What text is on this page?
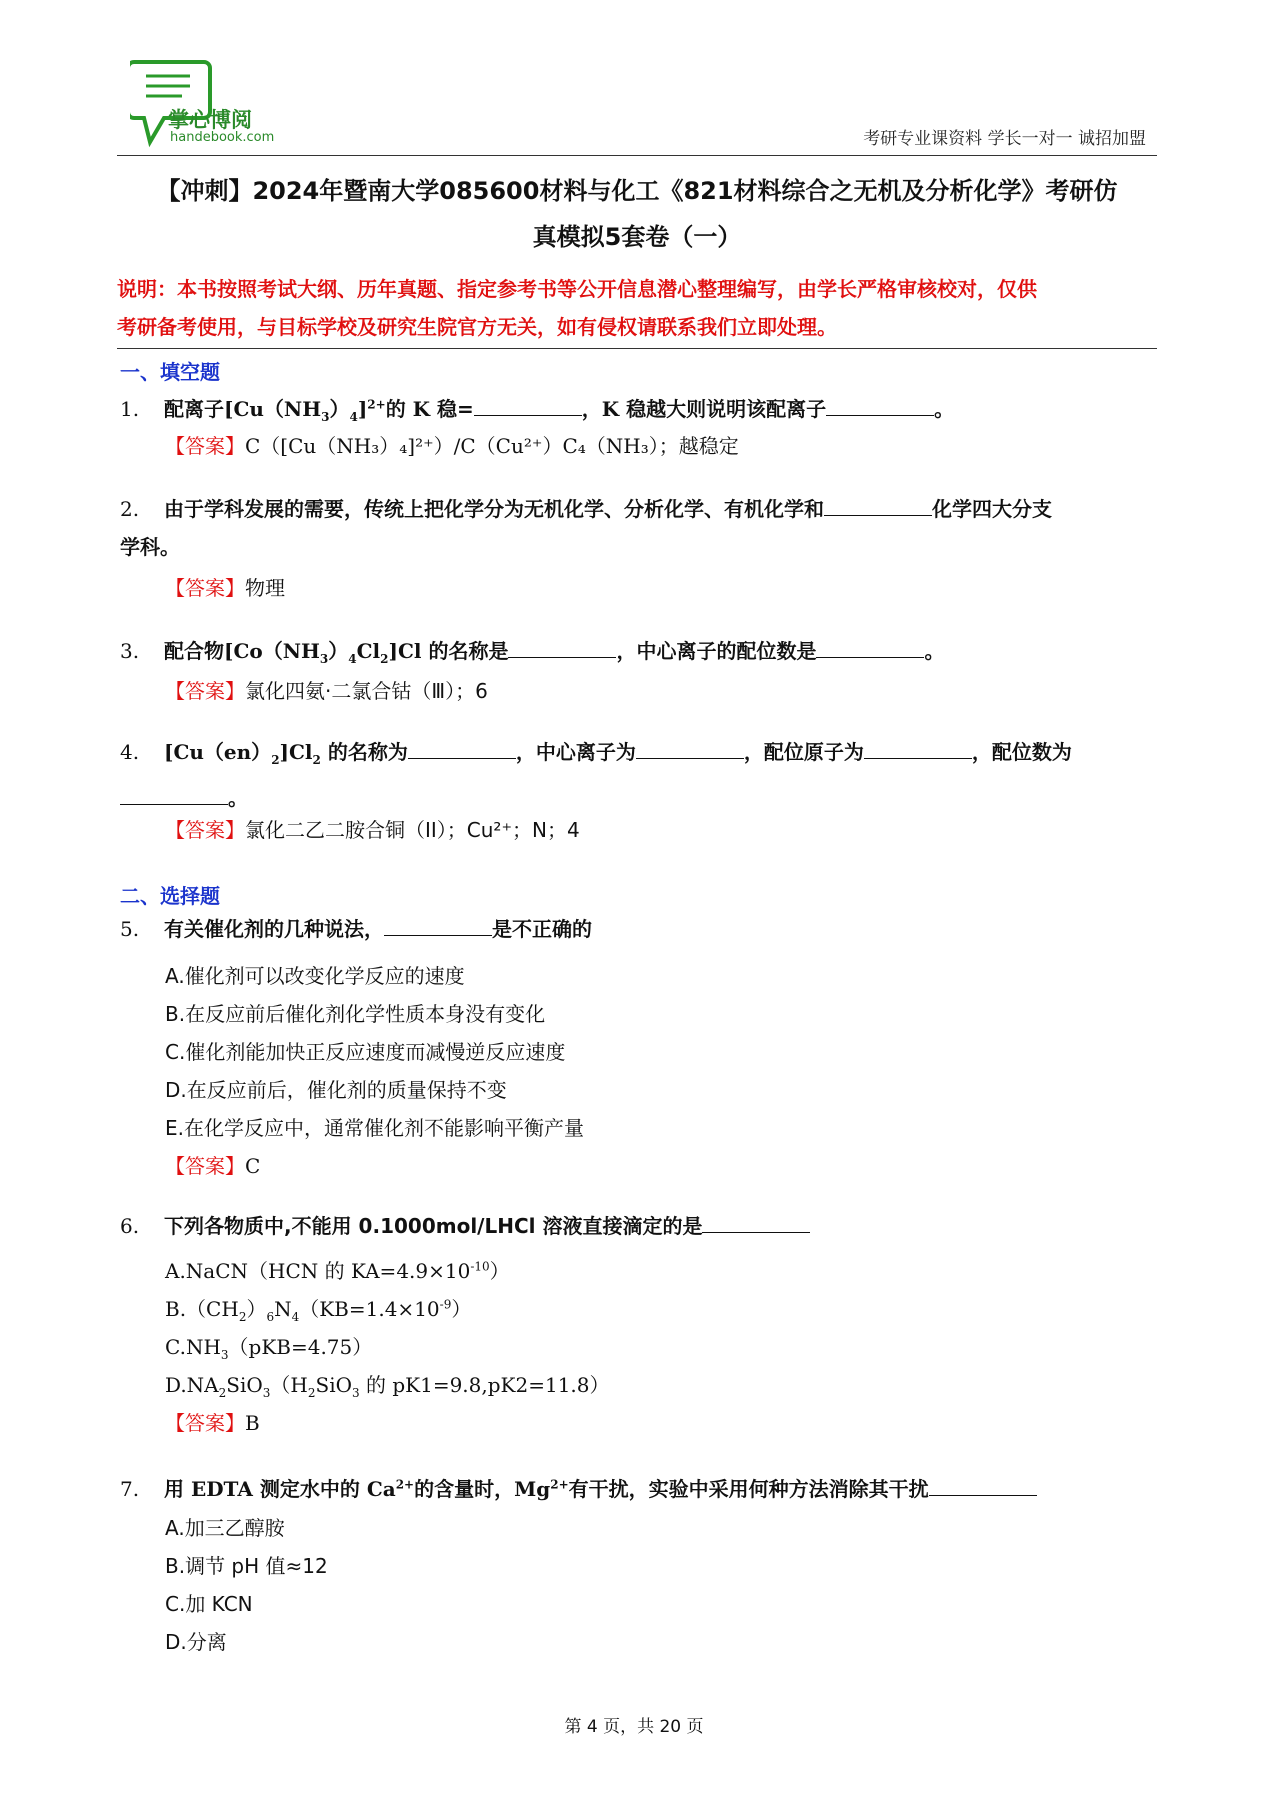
掌心博阅
handebook.com	考研专业课资料 学长一对一 诚招加盟
【冲刺】2024年暨南大学085600材料与化工《821材料综合之无机及分析化学》考研仿
真模拟5套卷（一）
说明：本书按照考试大纲、历年真题、指定参考书等公开信息潜心整理编写，由学长严格审核校对，仅供
考研备考使用，与目标学校及研究生院官方无关，如有侵权请联系我们立即处理。
一、填空题
1. 配离子$[Cu(NH_3)_4]^{2+}$的 K 稳=	，K 稳越大则说明该配离子	。
【答案】C（[Cu（NH₃）₄]²⁺）/C（Cu²⁺）C₄（NH₃）；越稳定
2. 由于学科发展的需要，传统上把化学分为无机化学、分析化学、有机化学和	化学四大分支
学科。
【答案】物理
3. 配合物$[Co(NH_3)_4Cl_2]Cl$ 的名称是	，中心离子的配位数是	。
【答案】氯化四氨·二氯合钴（Ⅲ）；6
4. $[Cu(en)_2]Cl_2$ 的名称为	，中心离子为	，配位原子为	，配位数为
。
【答案】氯化二乙二胺合铜（II）；Cu²⁺；N；4
二、选择题
5. 有关催化剂的几种说法，	是不正确的
A.催化剂可以改变化学反应的速度
B.在反应前后催化剂化学性质本身没有变化
C.催化剂能加快正反应速度而减慢逆反应速度
D.在反应前后，催化剂的质量保持不变
E.在化学反应中，通常催化剂不能影响平衡产量
【答案】C
6. 下列各物质中,不能用 0.1000mol/LHCl 溶液直接滴定的是
A.NaCN（HCN 的 $KA=4.9\times 10^{-10}$）
$B.(CH_2)_6N_4(KB=1.4\times 10^{-9})$
$C.NH_3(pKB=4.75)$
$D.NA_2SiO_3(H_2SiO_3$ 的 pK1=9.8,pK2=11.8）
【答案】B
7. 用 EDTA 测定水中的 $Ca^{2+}$的含量时，$Mg^{2+}$有干扰，实验中采用何种方法消除其干扰
A.加三乙醇胺
B.调节 pH 值≈12
C.加 KCN
D.分离
第 4 页，共 20 页
